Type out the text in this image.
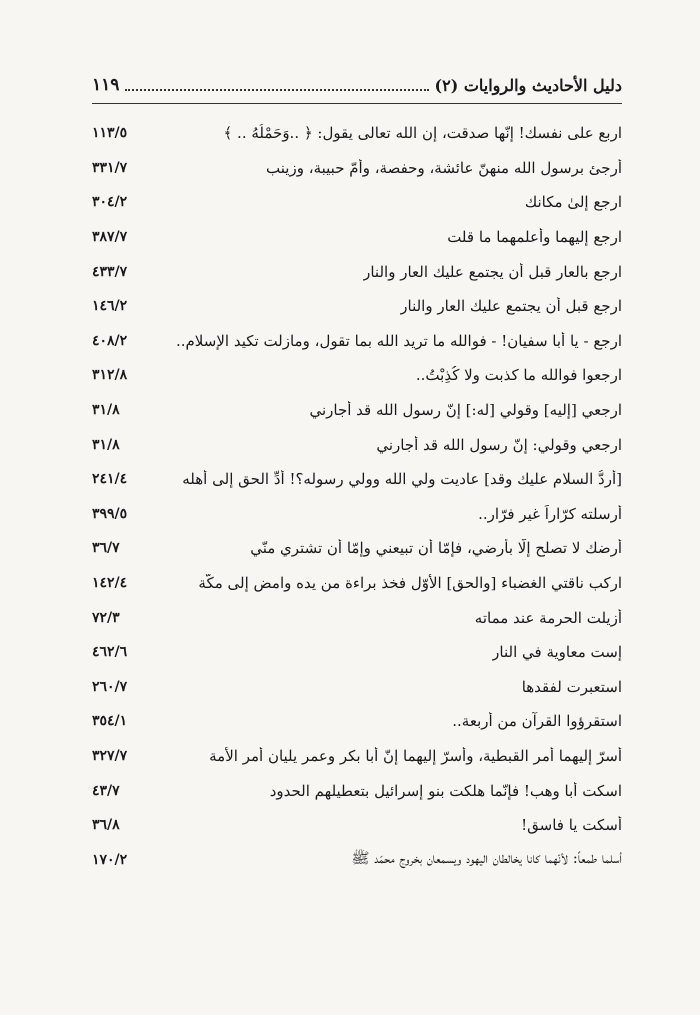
دليل الأحاديث والروايات (٢)
١١٩
اربع على نفسك! إنّها صدقت، إن الله تعالى يقول: ﴿ ..وَحَمْلُهُ .. ﴾
١١٣/٥
أرجئ برسول الله منهنّ عائشة، وحفصة، وأُمّ حبيبة، وزينب
٣٣١/٧
ارجع إلىٰ مكانك
٣٠٤/٢
ارجع إليهما وأعلمهما ما قلت
٣٨٧/٧
ارجع بالعار قبل أن يجتمع عليك العار والنار
٤٣٣/٧
ارجع قبل أن يجتمع عليك العار والنار
١٤٦/٢
ارجع - يا أبا سفيان! - فوالله ما تريد الله بما تقول، ومازلت تكيد الإسلام..
٤٠٨/٢
ارجعوا فوالله ما كذبت ولا كُذِبْتُ..
٣١٢/٨
ارجعي [إليه] وقولي [له:] إنّ رسول الله قد أجارني
٣١/٨
ارجعي وقولي: إنّ رسول الله قد أجارني
٣١/٨
[أردُّ السلام عليك وقد] عاديت ولي الله وولي رسوله؟! أدِّ الحق إلى أهله
٢٤١/٤
أرسلته كرّاراً غير فرّار..
٣٩٩/٥
أرضك لا تصلح إلّا بأرضي، فإمّا أن تبيعني وإمّا أن تشتري منّي
٣٦/٧
اركب ناقتي الغضباء [والحق] الأوّل فخذ براءة من يده وامضِ إلى مكّة
١٤٢/٤
أُزيلت الحرمة عند مماته
٧٢/٣
إست معاوية في النار
٤٦٢/٦
استعبرت لفقدها
٢٦٠/٧
استقرؤوا القرآن من أربعة..
٣٥٤/١
أسرّ إليهما أمر القبطية، وأسرّ إليهما إنّ أبا بكر وعمر يليان أمر الأمة
٣٢٧/٧
اسكت أبا وهب! فإنّما هلكت بنو إسرائيل بتعطيلهم الحدود
٤٣/٧
أُسكت يا فاسق!
٣٦/٨
أسلما طمعاً: لأنّهما كانا يخالطان اليهود ويسمعان بخروج محمّد ﷺ
١٧٠/٢
